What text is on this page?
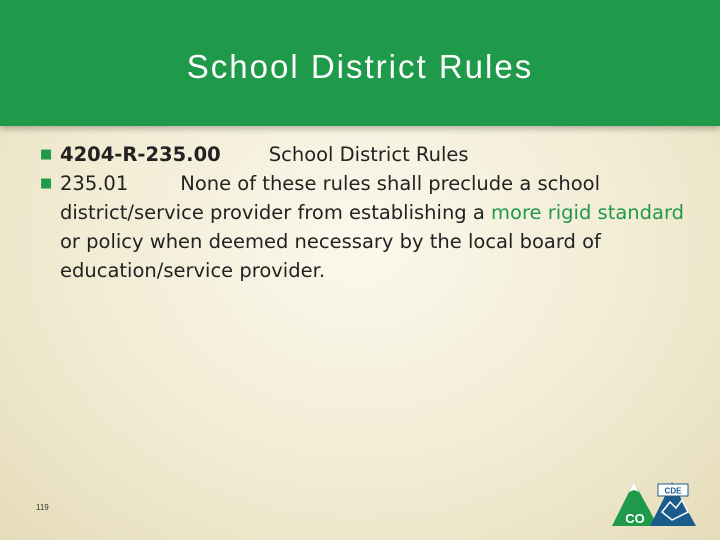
School District Rules
■ 4204-R-235.00 School District Rules
■ 235.01	None of these rules shall preclude a school district/service provider from establishing a more rigid standard or policy when deemed necessary by the local board of education/service provider.
119
CDE
CO
